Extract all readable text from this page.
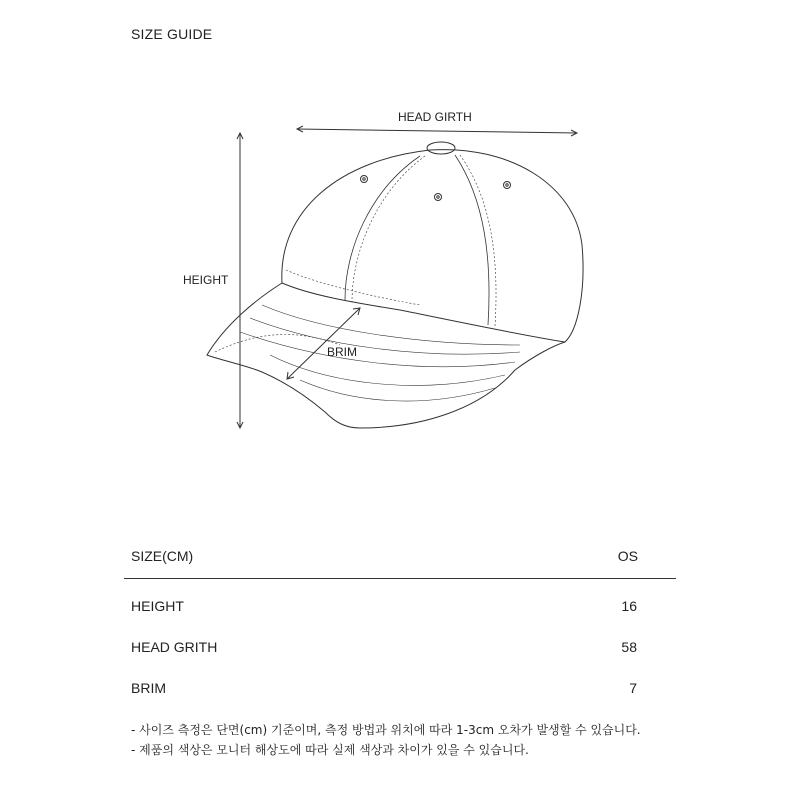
SIZE GUIDE
HEAD GIRTH
HEIGHT
BRIM
SIZE(CM)	OS
HEIGHT	16
HEAD GRITH	58
BRIM	7
- 사이즈 측정은 단면(cm) 기준이며, 측정 방법과 위치에 따라 1-3cm 오차가 발생할 수 있습니다.
- 제품의 색상은 모니터 해상도에 따라 실제 색상과 차이가 있을 수 있습니다.
